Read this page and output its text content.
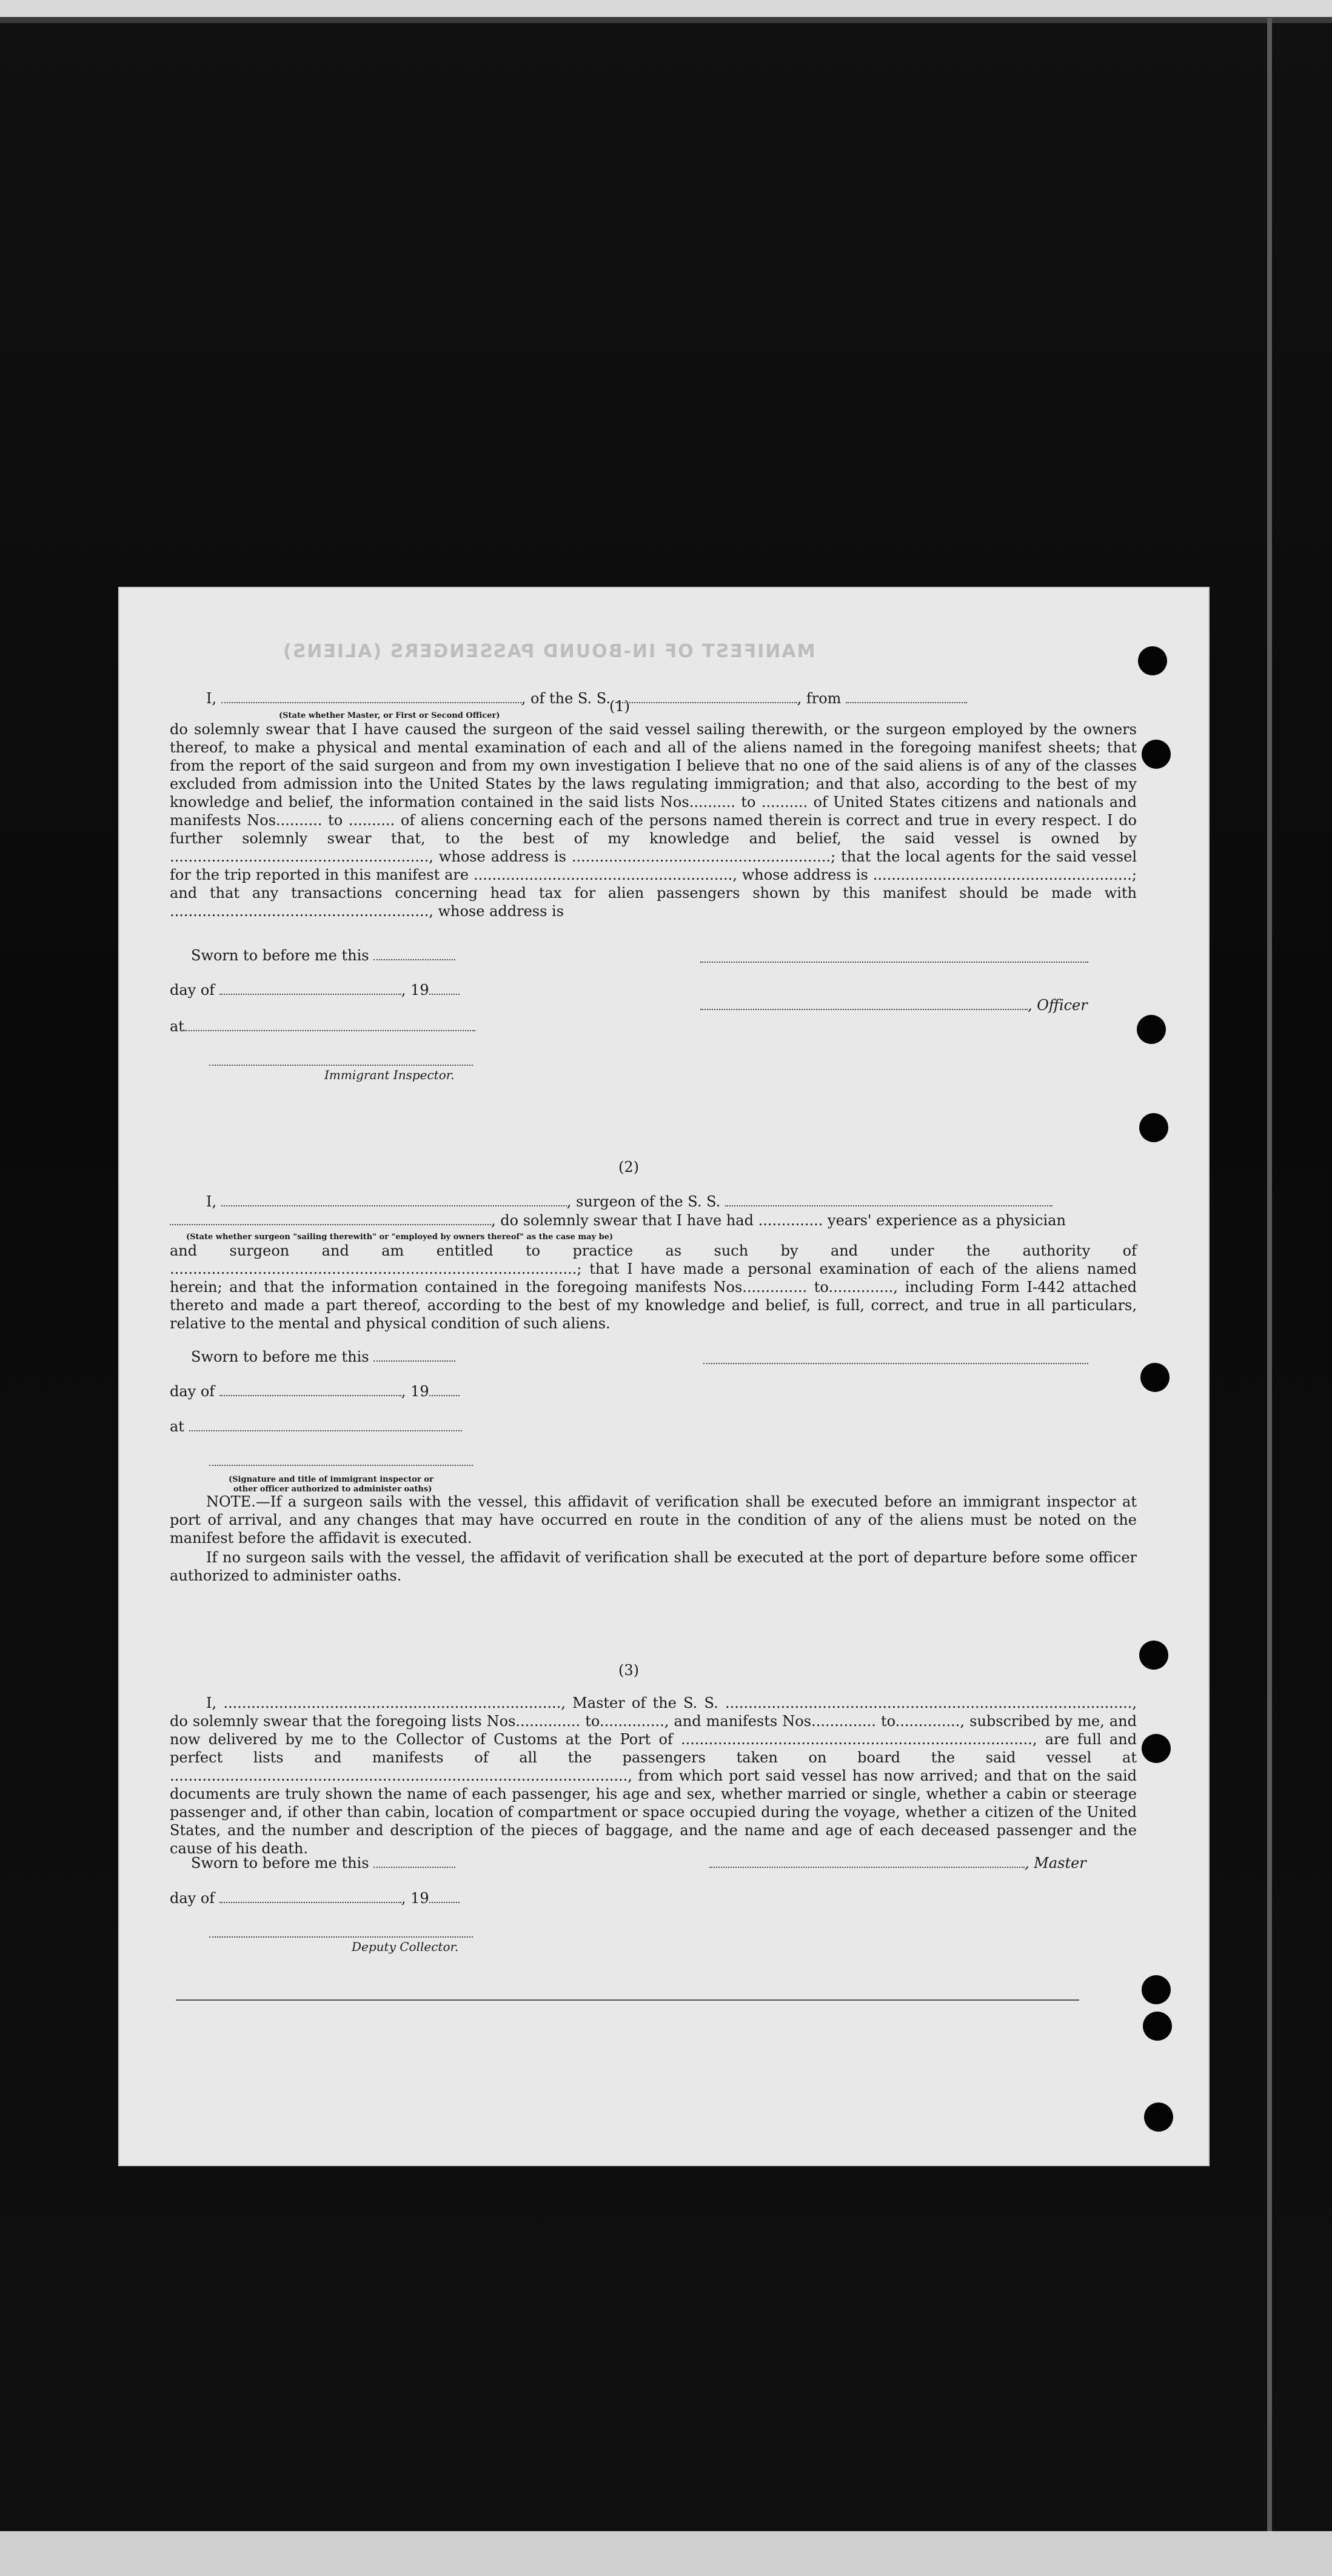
MANIFEST OF IN-BOUND PASSENGERS (ALIENS)
(1)
I,	, of the S. S.	, from
(State whether Master, or First or Second Officer)
do solemnly swear that I have caused the surgeon of the said vessel sailing therewith, or the surgeon employed by the owners thereof, to make a physical and mental examination of each and all of the aliens named in the foregoing manifest sheets; that from the report of the said surgeon and from my own investigation I believe that no one of the said aliens is of any of the classes excluded from admission into the United States by the laws regulating immigration; and that also, according to the best of my knowledge and belief, the information contained in the said lists Nos.......... to .......... of United States citizens and nationals and manifests Nos.......... to .......... of aliens concerning each of the persons named therein is correct and true in every respect. I do further solemnly swear that, to the best of my knowledge and belief, the said vessel is owned by ........................................................, whose address is ........................................................; that the local agents for the said vessel for the trip reported in this manifest are ........................................................, whose address is ........................................................; and that any transactions concerning head tax for alien passengers shown by this manifest should be made with ........................................................, whose address is
Sworn to before me this
day of	, 19
at
Immigrant Inspector.
, Officer
(2)
I,	, surgeon of the S. S.
, do solemnly swear that I have had .............. years' experience as a physician
(State whether surgeon "sailing therewith" or "employed by owners thereof" as the case may be)
and surgeon and am entitled to practice as such by and under the authority of ........................................................................................; that I have made a personal examination of each of the aliens named herein; and that the information contained in the foregoing manifests Nos.............. to.............., including Form I-442 attached thereto and made a part thereof, according to the best of my knowledge and belief, is full, correct, and true in all particulars, relative to the mental and physical condition of such aliens.
Sworn to before me this
day of	, 19
at
(Signature and title of immigrant inspector or
other officer authorized to administer oaths)
NOTE.—If a surgeon sails with the vessel, this affidavit of verification shall be executed before an immigrant inspector at port of arrival, and any changes that may have occurred en route in the condition of any of the aliens must be noted on the manifest before the affidavit is executed.
If no surgeon sails with the vessel, the affidavit of verification shall be executed at the port of departure before some officer authorized to administer oaths.
(3)
I, ........................................................................., Master of the S. S. ........................................................................................, do solemnly swear that the foregoing lists Nos.............. to.............., and manifests Nos.............. to.............., subscribed by me, and now delivered by me to the Collector of Customs at the Port of ............................................................................, are full and perfect lists and manifests of all the passengers taken on board the said vessel at ..................................................................................................., from which port said vessel has now arrived; and that on the said documents are truly shown the name of each passenger, his age and sex, whether married or single, whether a cabin or steerage passenger and, if other than cabin, location of compartment or space occupied during the voyage, whether a citizen of the United States, and the number and description of the pieces of baggage, and the name and age of each deceased passenger and the cause of his death.
Sworn to before me this
day of	, 19
Deputy Collector.
, Master
